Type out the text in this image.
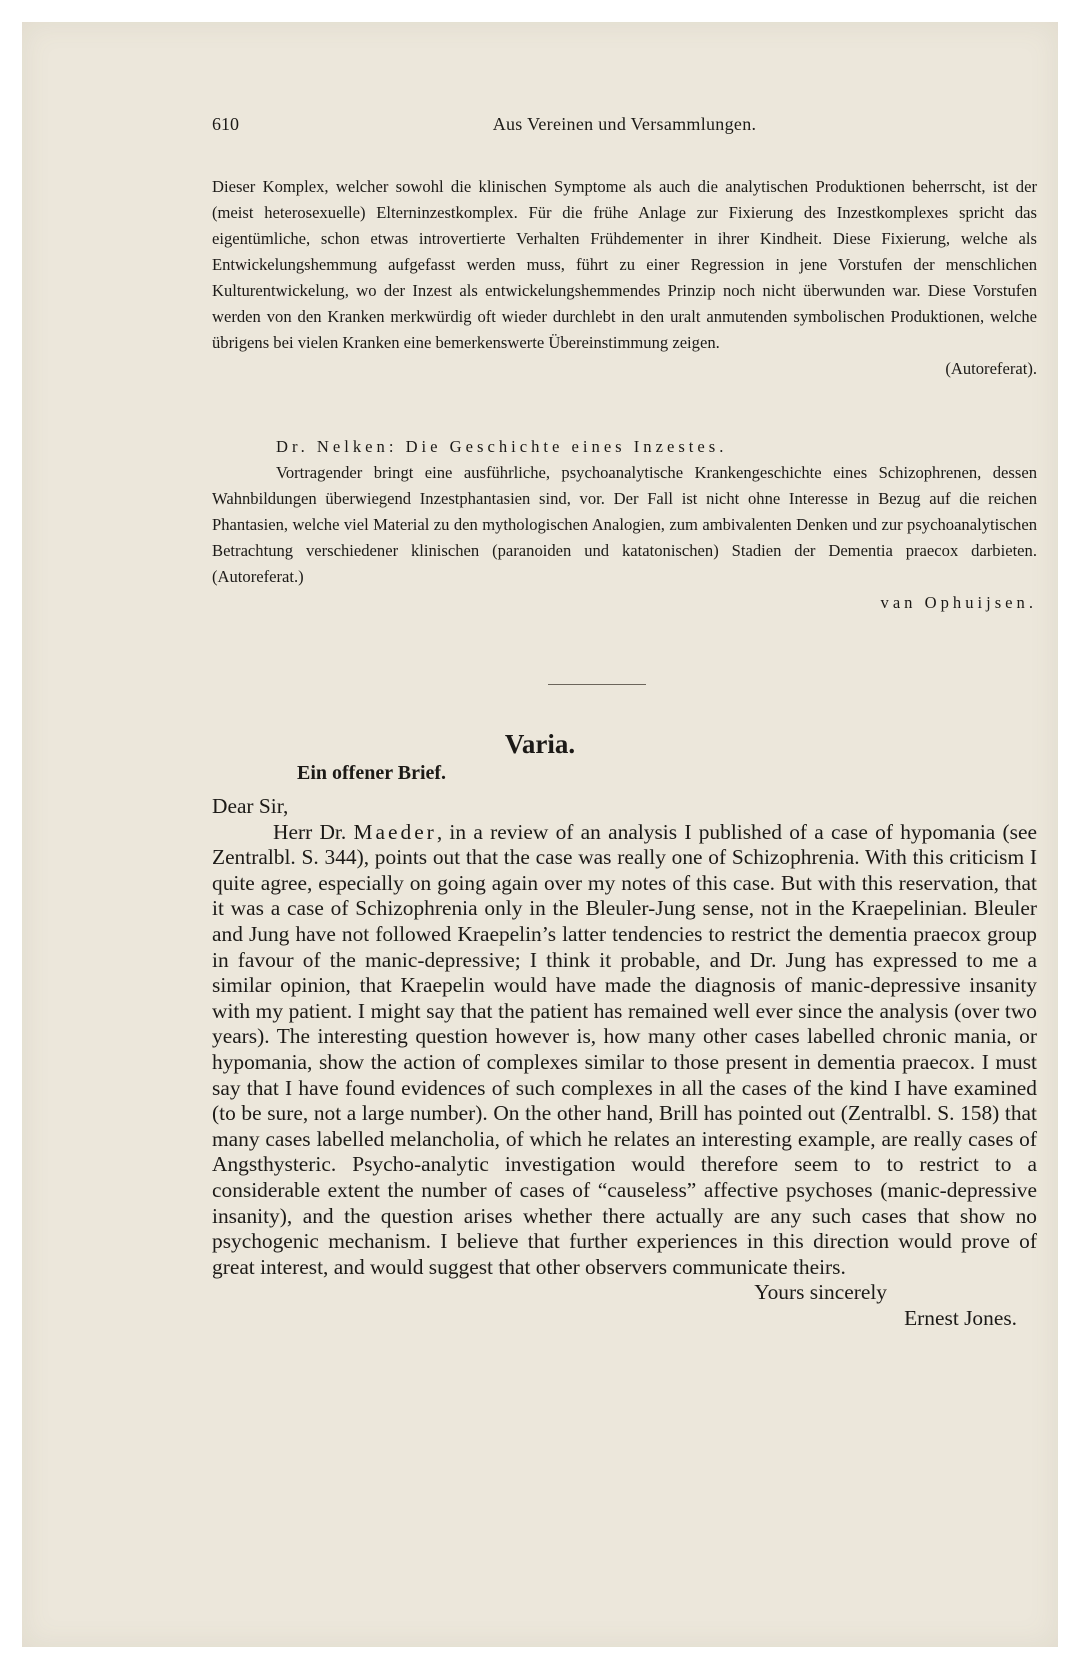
610	Aus Vereinen und Versammlungen.

Dieser Komplex, welcher sowohl die klinischen Symptome als auch die analytischen Produktionen beherrscht, ist der (meist heterosexuelle) Elterninzestkomplex. Für die frühe Anlage zur Fixierung des Inzestkomplexes spricht das eigentümliche, schon etwas introvertierte Verhalten Frühdementer in ihrer Kindheit. Diese Fixierung, welche als Entwickelungshemmung aufgefasst werden muss, führt zu einer Regression in jene Vorstufen der menschlichen Kulturentwickelung, wo der Inzest als entwickelungshemmendes Prinzip noch nicht überwunden war. Diese Vorstufen werden von den Kranken merkwürdig oft wieder durchlebt in den uralt anmutenden symbolischen Produktionen, welche übrigens bei vielen Kranken eine bemerkenswerte Übereinstimmung zeigen.

(Autoreferat).

Dr. Nelken: Die Geschichte eines Inzestes.

Vortragender bringt eine ausführliche, psychoanalytische Krankengeschichte eines Schizophrenen, dessen Wahnbildungen überwiegend Inzestphantasien sind, vor. Der Fall ist nicht ohne Interesse in Bezug auf die reichen Phantasien, welche viel Material zu den mythologischen Analogien, zum ambivalenten Denken und zur psychoanalytischen Betrachtung verschiedener klinischen (paranoiden und katatonischen) Stadien der Dementia praecox darbieten. (Autoreferat.)

van Ophuijsen.

Varia.
Ein offener Brief.

Dear Sir,

Herr Dr. Maeder, in a review of an analysis I published of a case of hypomania (see Zentralbl. S. 344), points out that the case was really one of Schizophrenia. With this criticism I quite agree, especially on going again over my notes of this case. But with this reservation, that it was a case of Schizophrenia only in the Bleuler-Jung sense, not in the Kraepelinian. Bleuler and Jung have not followed Kraepelin’s latter tendencies to restrict the dementia praecox group in favour of the manic-depressive; I think it probable, and Dr. Jung has expressed to me a similar opinion, that Kraepelin would have made the diagnosis of manic-depressive insanity with my patient. I might say that the patient has remained well ever since the analysis (over two years). The interesting question however is, how many other cases labelled chronic mania, or hypomania, show the action of complexes similar to those present in dementia praecox. I must say that I have found evidences of such complexes in all the cases of the kind I have examined (to be sure, not a large number). On the other hand, Brill has pointed out (Zentralbl. S. 158) that many cases labelled melancholia, of which he relates an interesting example, are really cases of Angsthysteric. Psycho-analytic investigation would therefore seem to to restrict to a considerable extent the number of cases of “causeless” affective psychoses (manic-depressive insanity), and the question arises whether there actually are any such cases that show no psychogenic mechanism. I believe that further experiences in this direction would prove of great interest, and would suggest that other observers communicate theirs.

Yours sincerely

Ernest Jones.
